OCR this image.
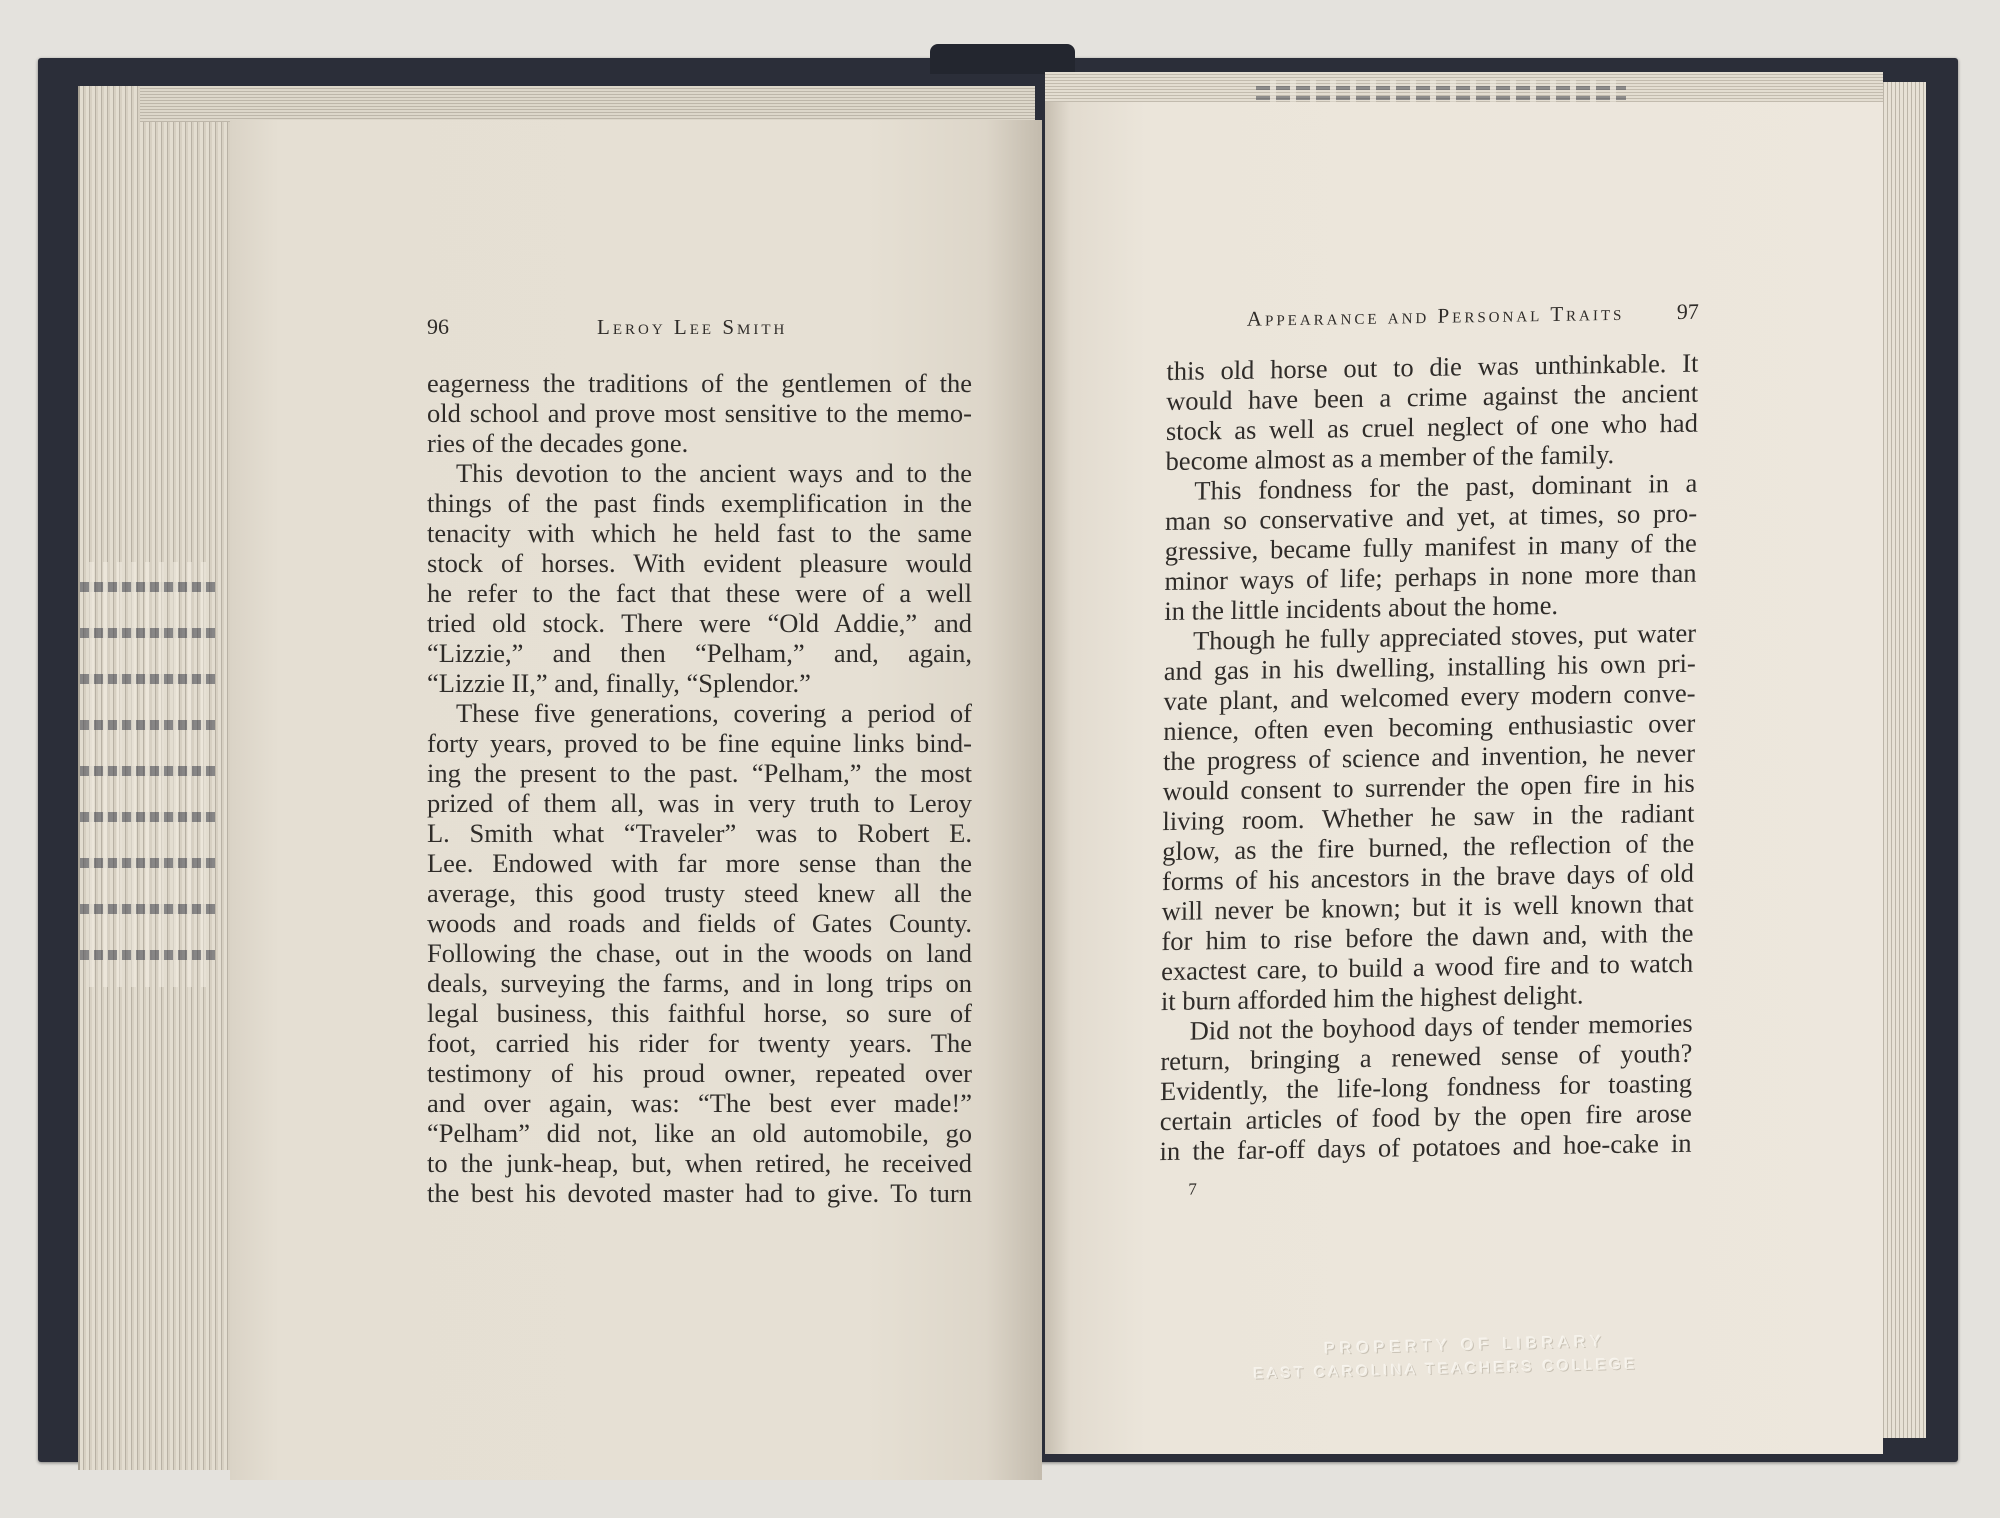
96	Leroy Lee Smith
eagerness the traditions of the gentlemen of the
old school and prove most sensitive to the memo-
ries of the decades gone.
This devotion to the ancient ways and to the
things of the past finds exemplification in the
tenacity with which he held fast to the same
stock of horses. With evident pleasure would
he refer to the fact that these were of a well
tried old stock. There were “Old Addie,” and
“Lizzie,” and then “Pelham,” and, again,
“Lizzie II,” and, finally, “Splendor.”
These five generations, covering a period of
forty years, proved to be fine equine links bind-
ing the present to the past. “Pelham,” the most
prized of them all, was in very truth to Leroy
L. Smith what “Traveler” was to Robert E.
Lee. Endowed with far more sense than the
average, this good trusty steed knew all the
woods and roads and fields of Gates County.
Following the chase, out in the woods on land
deals, surveying the farms, and in long trips on
legal business, this faithful horse, so sure of
foot, carried his rider for twenty years. The
testimony of his proud owner, repeated over
and over again, was: “The best ever made!”
“Pelham” did not, like an old automobile, go
to the junk-heap, but, when retired, he received
the best his devoted master had to give. To turn
Appearance and Personal Traits 97
this old horse out to die was unthinkable. It
would have been a crime against the ancient
stock as well as cruel neglect of one who had
become almost as a member of the family.
This fondness for the past, dominant in a
man so conservative and yet, at times, so pro-
gressive, became fully manifest in many of the
minor ways of life; perhaps in none more than
in the little incidents about the home.
Though he fully appreciated stoves, put water
and gas in his dwelling, installing his own pri-
vate plant, and welcomed every modern conve-
nience, often even becoming enthusiastic over
the progress of science and invention, he never
would consent to surrender the open fire in his
living room. Whether he saw in the radiant
glow, as the fire burned, the reflection of the
forms of his ancestors in the brave days of old
will never be known; but it is well known that
for him to rise before the dawn and, with the
exactest care, to build a wood fire and to watch
it burn afforded him the highest delight.
Did not the boyhood days of tender memories
return, bringing a renewed sense of youth?
Evidently, the life-long fondness for toasting
certain articles of food by the open fire arose
in the far-off days of potatoes and hoe-cake in
7
PROPERTY OF LIBRARY
EAST CAROLINA TEACHERS COLLEGE
